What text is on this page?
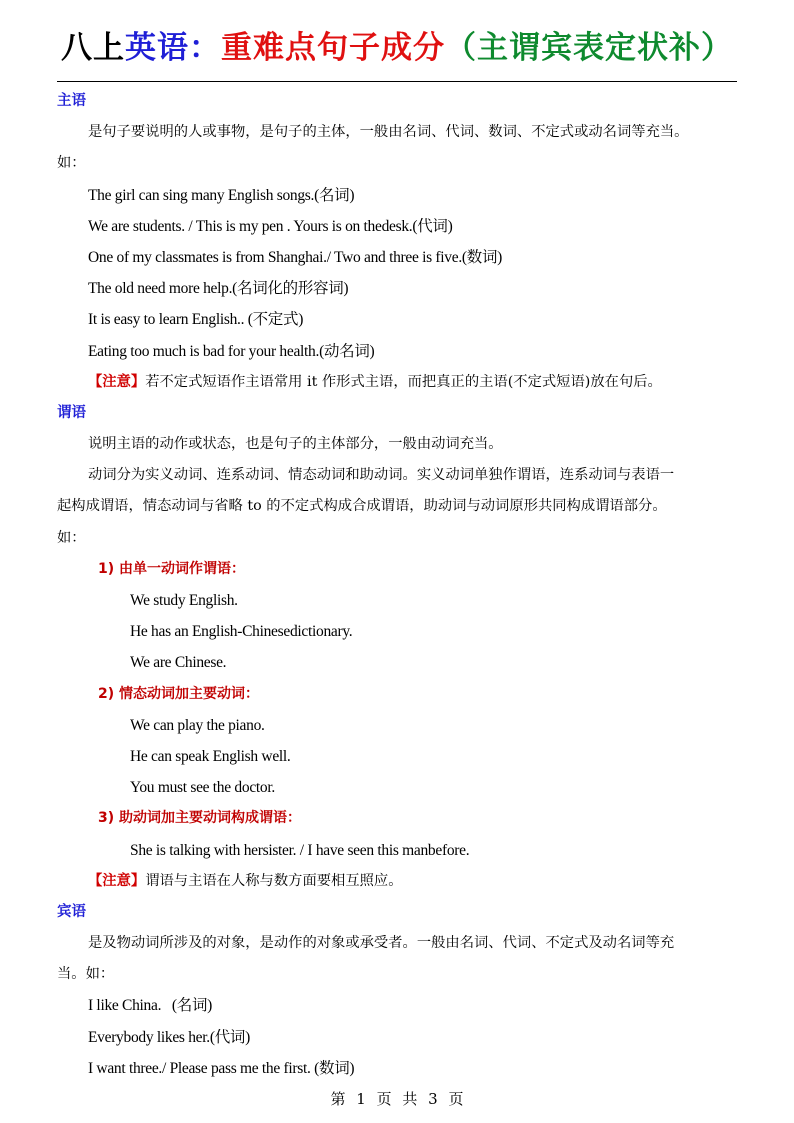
八上英语：重难点句子成分（主谓宾表定状补）
主语
是句子要说明的人或事物，是句子的主体，一般由名词、代词、数词、不定式或动名词等充当。
如：
The girl can sing many English songs.(名词)
We are students. / This is my pen . Yours is on thedesk.(代词)
One of my classmates is from Shanghai./ Two and three is five.(数词)
The old need more help.(名词化的形容词)
It is easy to learn English.. (不定式)
Eating too much is bad for your health.(动名词)
【注意】若不定式短语作主语常用 it 作形式主语，而把真正的主语(不定式短语)放在句后。
谓语
说明主语的动作或状态，也是句子的主体部分，一般由动词充当。
动词分为实义动词、连系动词、情态动词和助动词。实义动词单独作谓语，连系动词与表语一
起构成谓语，情态动词与省略 to 的不定式构成合成谓语，助动词与动词原形共同构成谓语部分。
如：
1) 由单一动词作谓语：
We study English.
He has an English-Chinesedictionary.
We are Chinese.
2) 情态动词加主要动词：
We can play the piano.
He can speak English well.
You must see the doctor.
3) 助动词加主要动词构成谓语：
She is talking with hersister. / I have seen this manbefore.
【注意】谓语与主语在人称与数方面要相互照应。
宾语
是及物动词所涉及的对象，是动作的对象或承受者。一般由名词、代词、不定式及动名词等充
当。如：
I like China.   (名词)
Everybody likes her.(代词)
I want three./ Please pass me the first. (数词)
第 1 页 共 3 页
